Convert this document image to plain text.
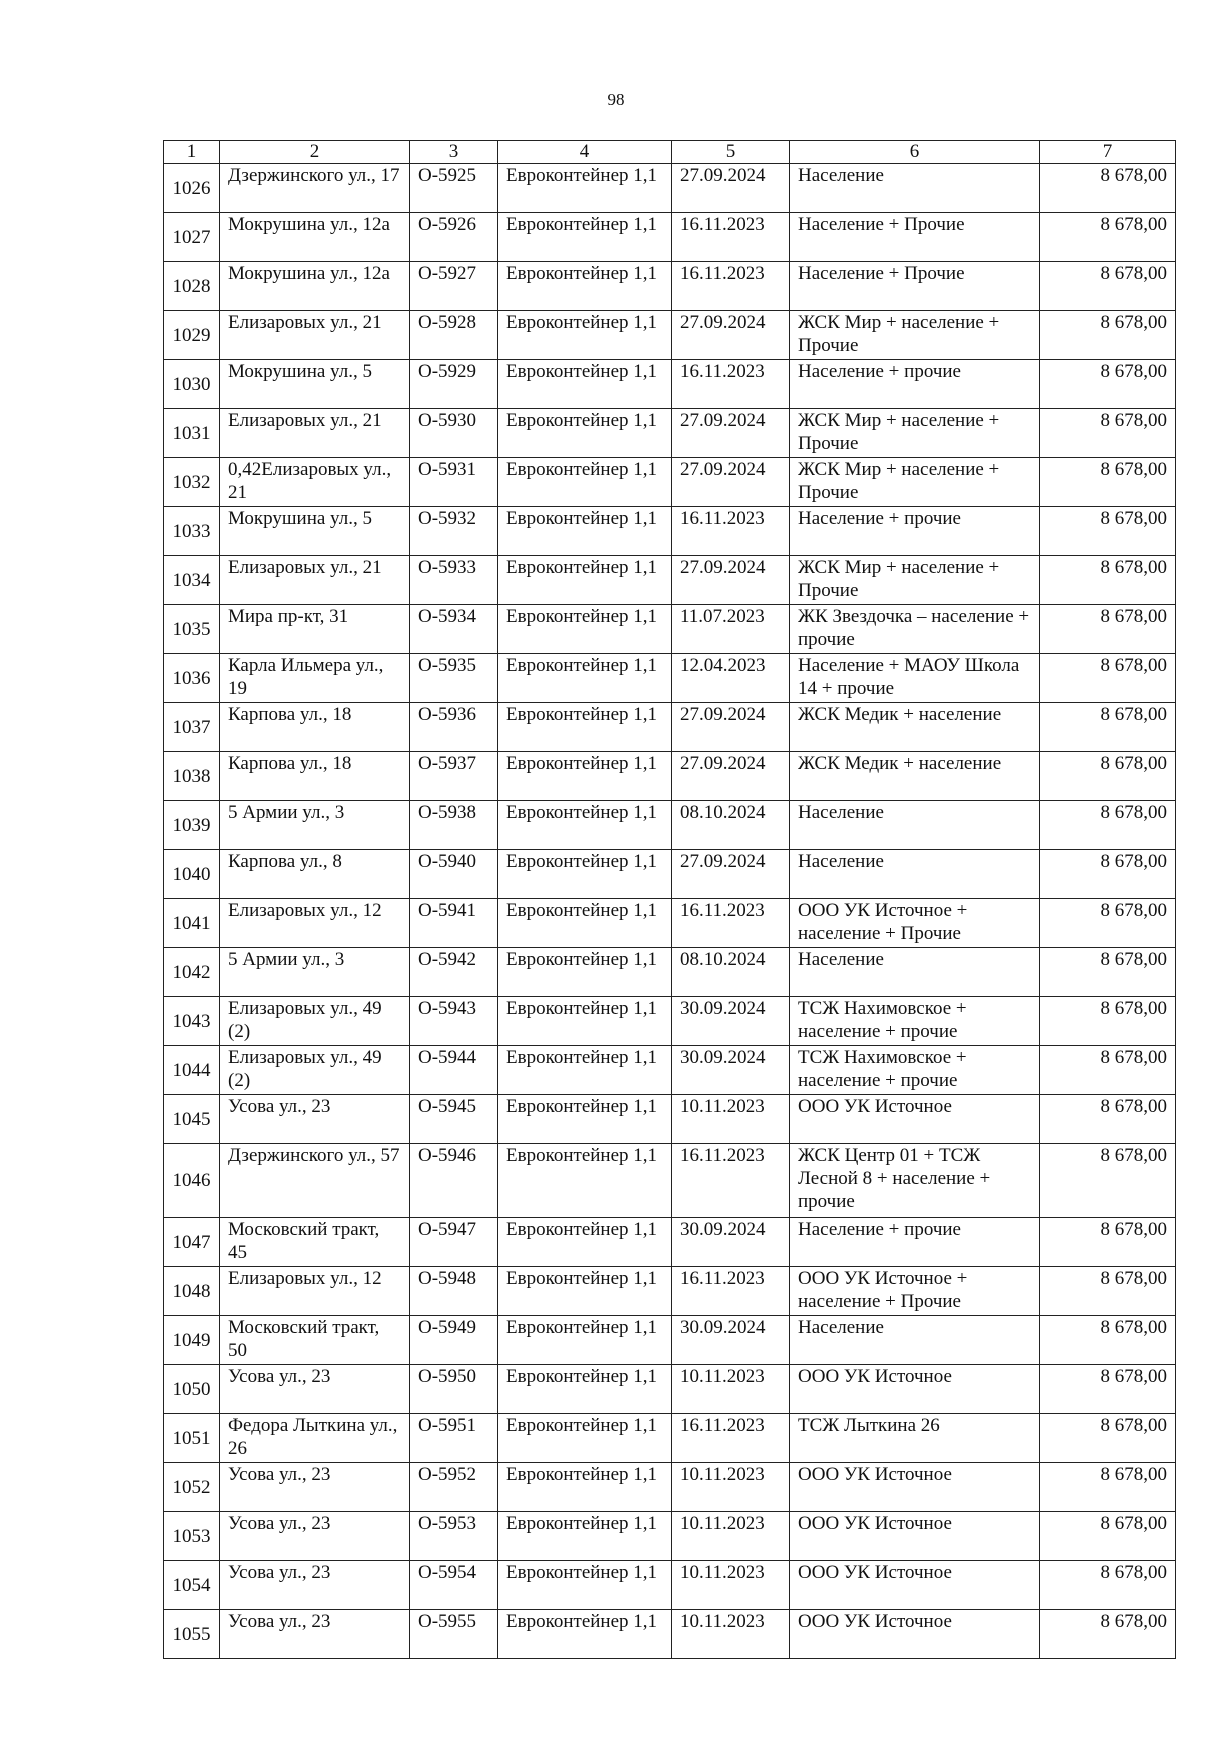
98
1	2	3	4	5	6	7
1026	Дзержинского ул., 17	О-5925	Евроконтейнер 1,1	27.09.2024	Население	8 678,00
1027	Мокрушина ул., 12а	О-5926	Евроконтейнер 1,1	16.11.2023	Население + Прочие	8 678,00
1028	Мокрушина ул., 12а	О-5927	Евроконтейнер 1,1	16.11.2023	Население + Прочие	8 678,00
1029	Елизаровых ул., 21	О-5928	Евроконтейнер 1,1	27.09.2024	ЖСК Мир + население + Прочие	8 678,00
1030	Мокрушина ул., 5	О-5929	Евроконтейнер 1,1	16.11.2023	Население + прочие	8 678,00
1031	Елизаровых ул., 21	О-5930	Евроконтейнер 1,1	27.09.2024	ЖСК Мир + население + Прочие	8 678,00
1032	0,42Елизаровых ул., 21	О-5931	Евроконтейнер 1,1	27.09.2024	ЖСК Мир + население + Прочие	8 678,00
1033	Мокрушина ул., 5	О-5932	Евроконтейнер 1,1	16.11.2023	Население + прочие	8 678,00
1034	Елизаровых ул., 21	О-5933	Евроконтейнер 1,1	27.09.2024	ЖСК Мир + население + Прочие	8 678,00
1035	Мира пр-кт, 31	О-5934	Евроконтейнер 1,1	11.07.2023	ЖК Звездочка – население + прочие	8 678,00
1036	Карла Ильмера ул., 19	О-5935	Евроконтейнер 1,1	12.04.2023	Население + МАОУ Школа 14 + прочие	8 678,00
1037	Карпова ул., 18	О-5936	Евроконтейнер 1,1	27.09.2024	ЖСК Медик + население	8 678,00
1038	Карпова ул., 18	О-5937	Евроконтейнер 1,1	27.09.2024	ЖСК Медик + население	8 678,00
1039	5 Армии ул., 3	О-5938	Евроконтейнер 1,1	08.10.2024	Население	8 678,00
1040	Карпова ул., 8	О-5940	Евроконтейнер 1,1	27.09.2024	Население	8 678,00
1041	Елизаровых ул., 12	О-5941	Евроконтейнер 1,1	16.11.2023	ООО УК Источное + население + Прочие	8 678,00
1042	5 Армии ул., 3	О-5942	Евроконтейнер 1,1	08.10.2024	Население	8 678,00
1043	Елизаровых ул., 49 (2)	О-5943	Евроконтейнер 1,1	30.09.2024	ТСЖ Нахимовское + население + прочие	8 678,00
1044	Елизаровых ул., 49 (2)	О-5944	Евроконтейнер 1,1	30.09.2024	ТСЖ Нахимовское + население + прочие	8 678,00
1045	Усова ул., 23	О-5945	Евроконтейнер 1,1	10.11.2023	ООО УК Источное	8 678,00
1046	Дзержинского ул., 57	О-5946	Евроконтейнер 1,1	16.11.2023	ЖСК Центр 01 + ТСЖ Лесной 8 + население + прочие	8 678,00
1047	Московский тракт, 45	О-5947	Евроконтейнер 1,1	30.09.2024	Население + прочие	8 678,00
1048	Елизаровых ул., 12	О-5948	Евроконтейнер 1,1	16.11.2023	ООО УК Источное + население + Прочие	8 678,00
1049	Московский тракт, 50	О-5949	Евроконтейнер 1,1	30.09.2024	Население	8 678,00
1050	Усова ул., 23	О-5950	Евроконтейнер 1,1	10.11.2023	ООО УК Источное	8 678,00
1051	Федора Лыткина ул., 26	О-5951	Евроконтейнер 1,1	16.11.2023	ТСЖ Лыткина 26	8 678,00
1052	Усова ул., 23	О-5952	Евроконтейнер 1,1	10.11.2023	ООО УК Источное	8 678,00
1053	Усова ул., 23	О-5953	Евроконтейнер 1,1	10.11.2023	ООО УК Источное	8 678,00
1054	Усова ул., 23	О-5954	Евроконтейнер 1,1	10.11.2023	ООО УК Источное	8 678,00
1055	Усова ул., 23	О-5955	Евроконтейнер 1,1	10.11.2023	ООО УК Источное	8 678,00
